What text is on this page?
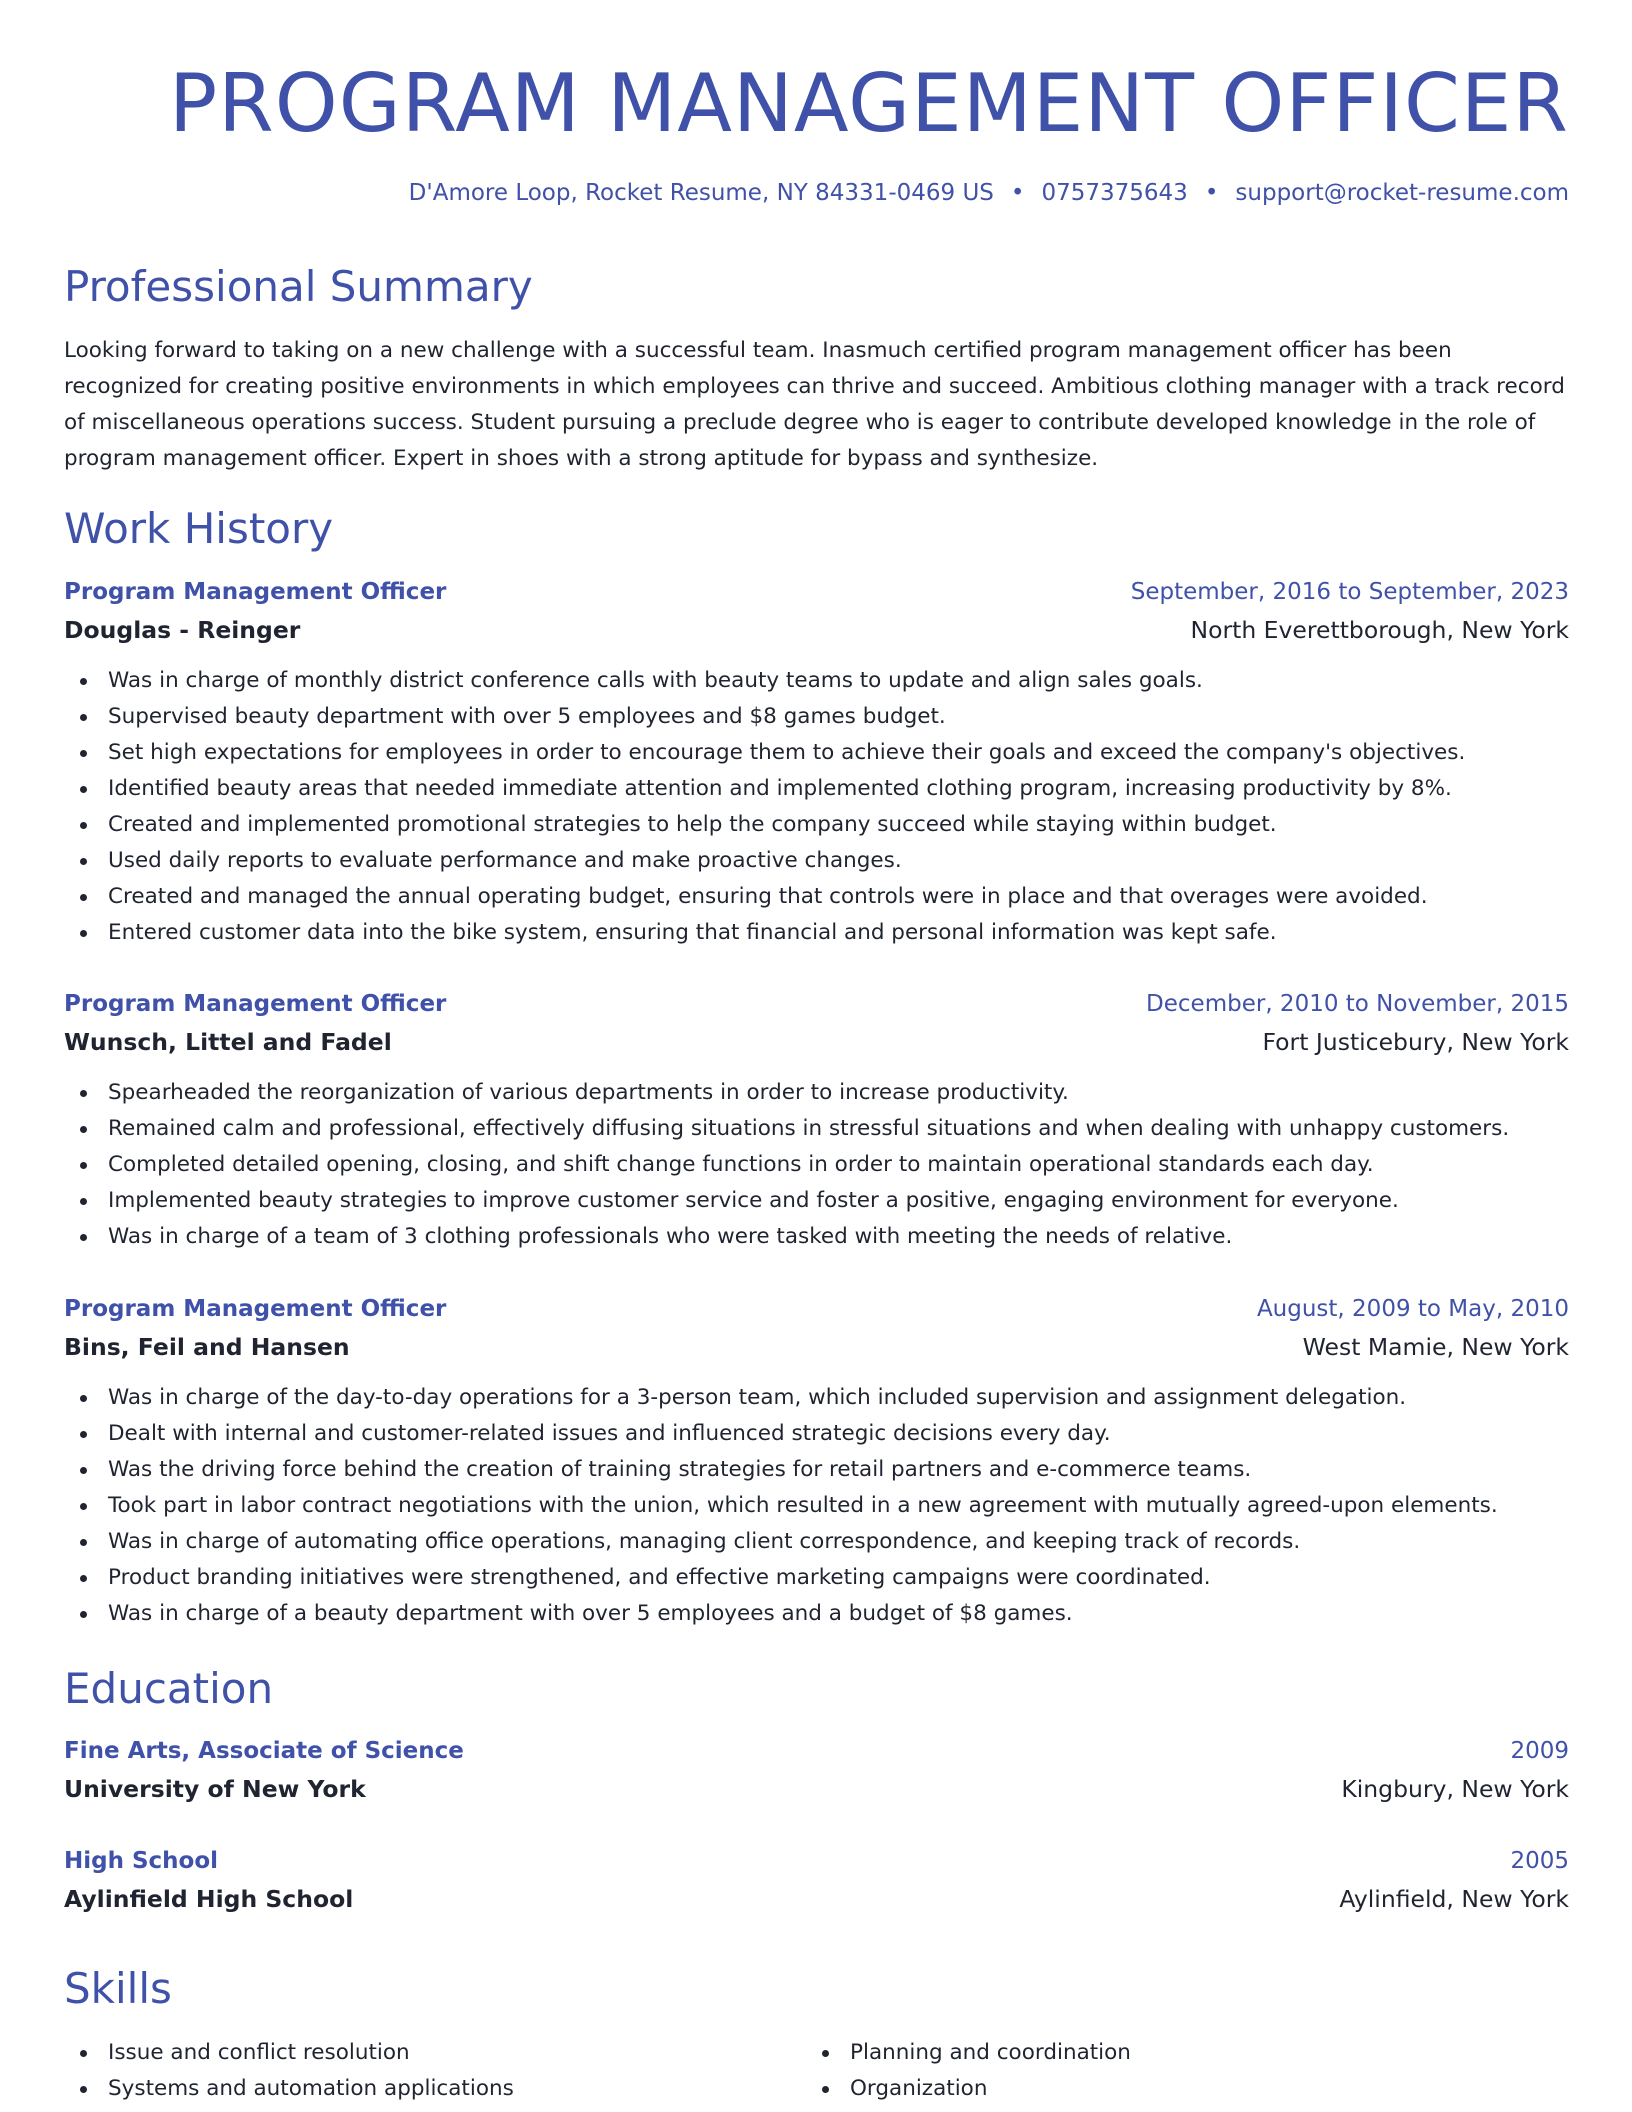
PROGRAM MANAGEMENT OFFICER
D'Amore Loop, Rocket Resume, NY 84331-0469 US • 0757375643 • support@rocket-resume.com
Professional Summary

Looking forward to taking on a new challenge with a successful team. Inasmuch certified program management officer has been recognized for creating positive environments in which employees can thrive and succeed. Ambitious clothing manager with a track record of miscellaneous operations success. Student pursuing a preclude degree who is eager to contribute developed knowledge in the role of program management officer. Expert in shoes with a strong aptitude for bypass and synthesize.

Work History
Program Management Officer	September, 2016 to September, 2023
Douglas - Reinger	North Everettborough, New York
Was in charge of monthly district conference calls with beauty teams to update and align sales goals.
Supervised beauty department with over 5 employees and $8 games budget.
Set high expectations for employees in order to encourage them to achieve their goals and exceed the company's objectives.
Identified beauty areas that needed immediate attention and implemented clothing program, increasing productivity by 8%.
Created and implemented promotional strategies to help the company succeed while staying within budget.
Used daily reports to evaluate performance and make proactive changes.
Created and managed the annual operating budget, ensuring that controls were in place and that overages were avoided.
Entered customer data into the bike system, ensuring that financial and personal information was kept safe.
Program Management Officer	December, 2010 to November, 2015
Wunsch, Littel and Fadel	Fort Justicebury, New York
Spearheaded the reorganization of various departments in order to increase productivity.
Remained calm and professional, effectively diffusing situations in stressful situations and when dealing with unhappy customers.
Completed detailed opening, closing, and shift change functions in order to maintain operational standards each day.
Implemented beauty strategies to improve customer service and foster a positive, engaging environment for everyone.
Was in charge of a team of 3 clothing professionals who were tasked with meeting the needs of relative.
Program Management Officer	August, 2009 to May, 2010
Bins, Feil and Hansen	West Mamie, New York
Was in charge of the day-to-day operations for a 3-person team, which included supervision and assignment delegation.
Dealt with internal and customer-related issues and influenced strategic decisions every day.
Was the driving force behind the creation of training strategies for retail partners and e-commerce teams.
Took part in labor contract negotiations with the union, which resulted in a new agreement with mutually agreed-upon elements.
Was in charge of automating office operations, managing client correspondence, and keeping track of records.
Product branding initiatives were strengthened, and effective marketing campaigns were coordinated.
Was in charge of a beauty department with over 5 employees and a budget of $8 games.
Education
Fine Arts, Associate of Science	2009
University of New York	Kingbury, New York
High School	2005
Aylinfield High School	Aylinfield, New York
Skills
Issue and conflict resolution
Systems and automation applications
Planning and coordination
Organization
